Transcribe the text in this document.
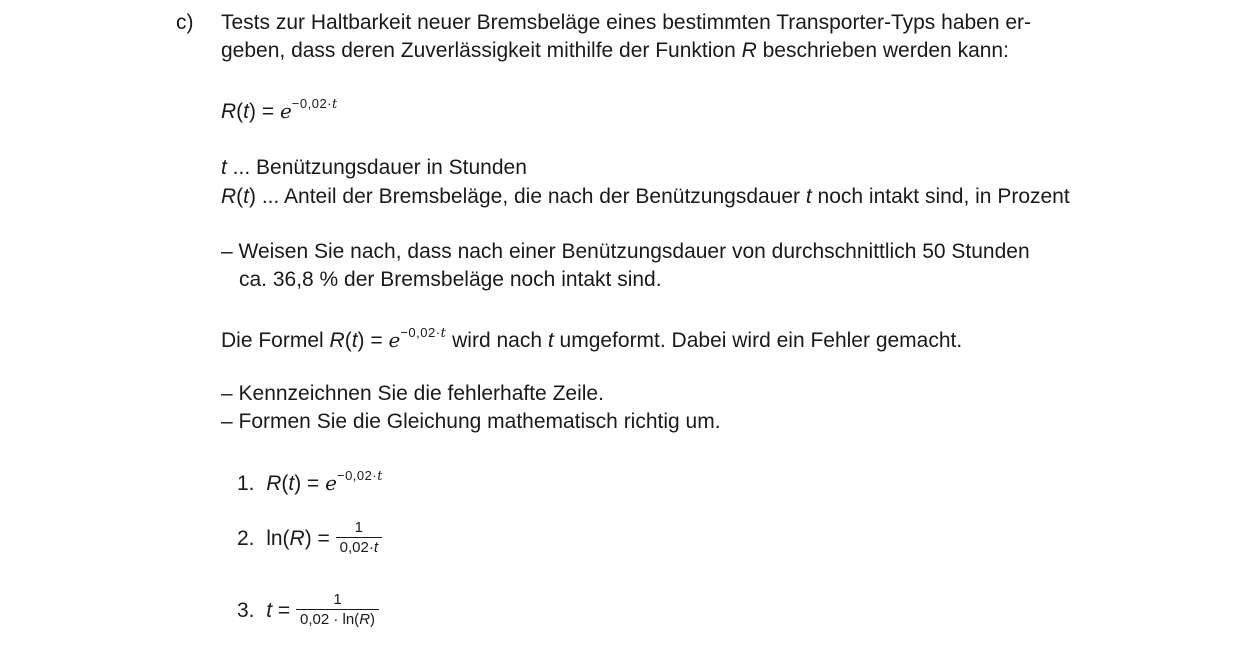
c) Tests zur Haltbarkeit neuer Bremsbeläge eines bestimmten Transporter-Typs haben er-
geben, dass deren Zuverlässigkeit mithilfe der Funktion R beschrieben werden kann:
$R(t) = e^{-0,02\cdot t}$
t ... Benützungsdauer in Stunden
R(t) ... Anteil der Bremsbeläge, die nach der Benützungsdauer t noch intakt sind, in Prozent
– Weisen Sie nach, dass nach einer Benützungsdauer von durchschnittlich 50 Stunden
ca. 36,8 % der Bremsbeläge noch intakt sind.
Die Formel $R(t) = e^{-0,02\cdot t}$ wird nach t umgeformt. Dabei wird ein Fehler gemacht.
– Kennzeichnen Sie die fehlerhafte Zeile.
– Formen Sie die Gleichung mathematisch richtig um.
1. $R(t) = e^{-0,02\cdot t}$
2. $\ln(R) = \frac{1}{0,02\cdot t}$
3. $t = \frac{1}{0,02 \cdot \ln(R)}$
